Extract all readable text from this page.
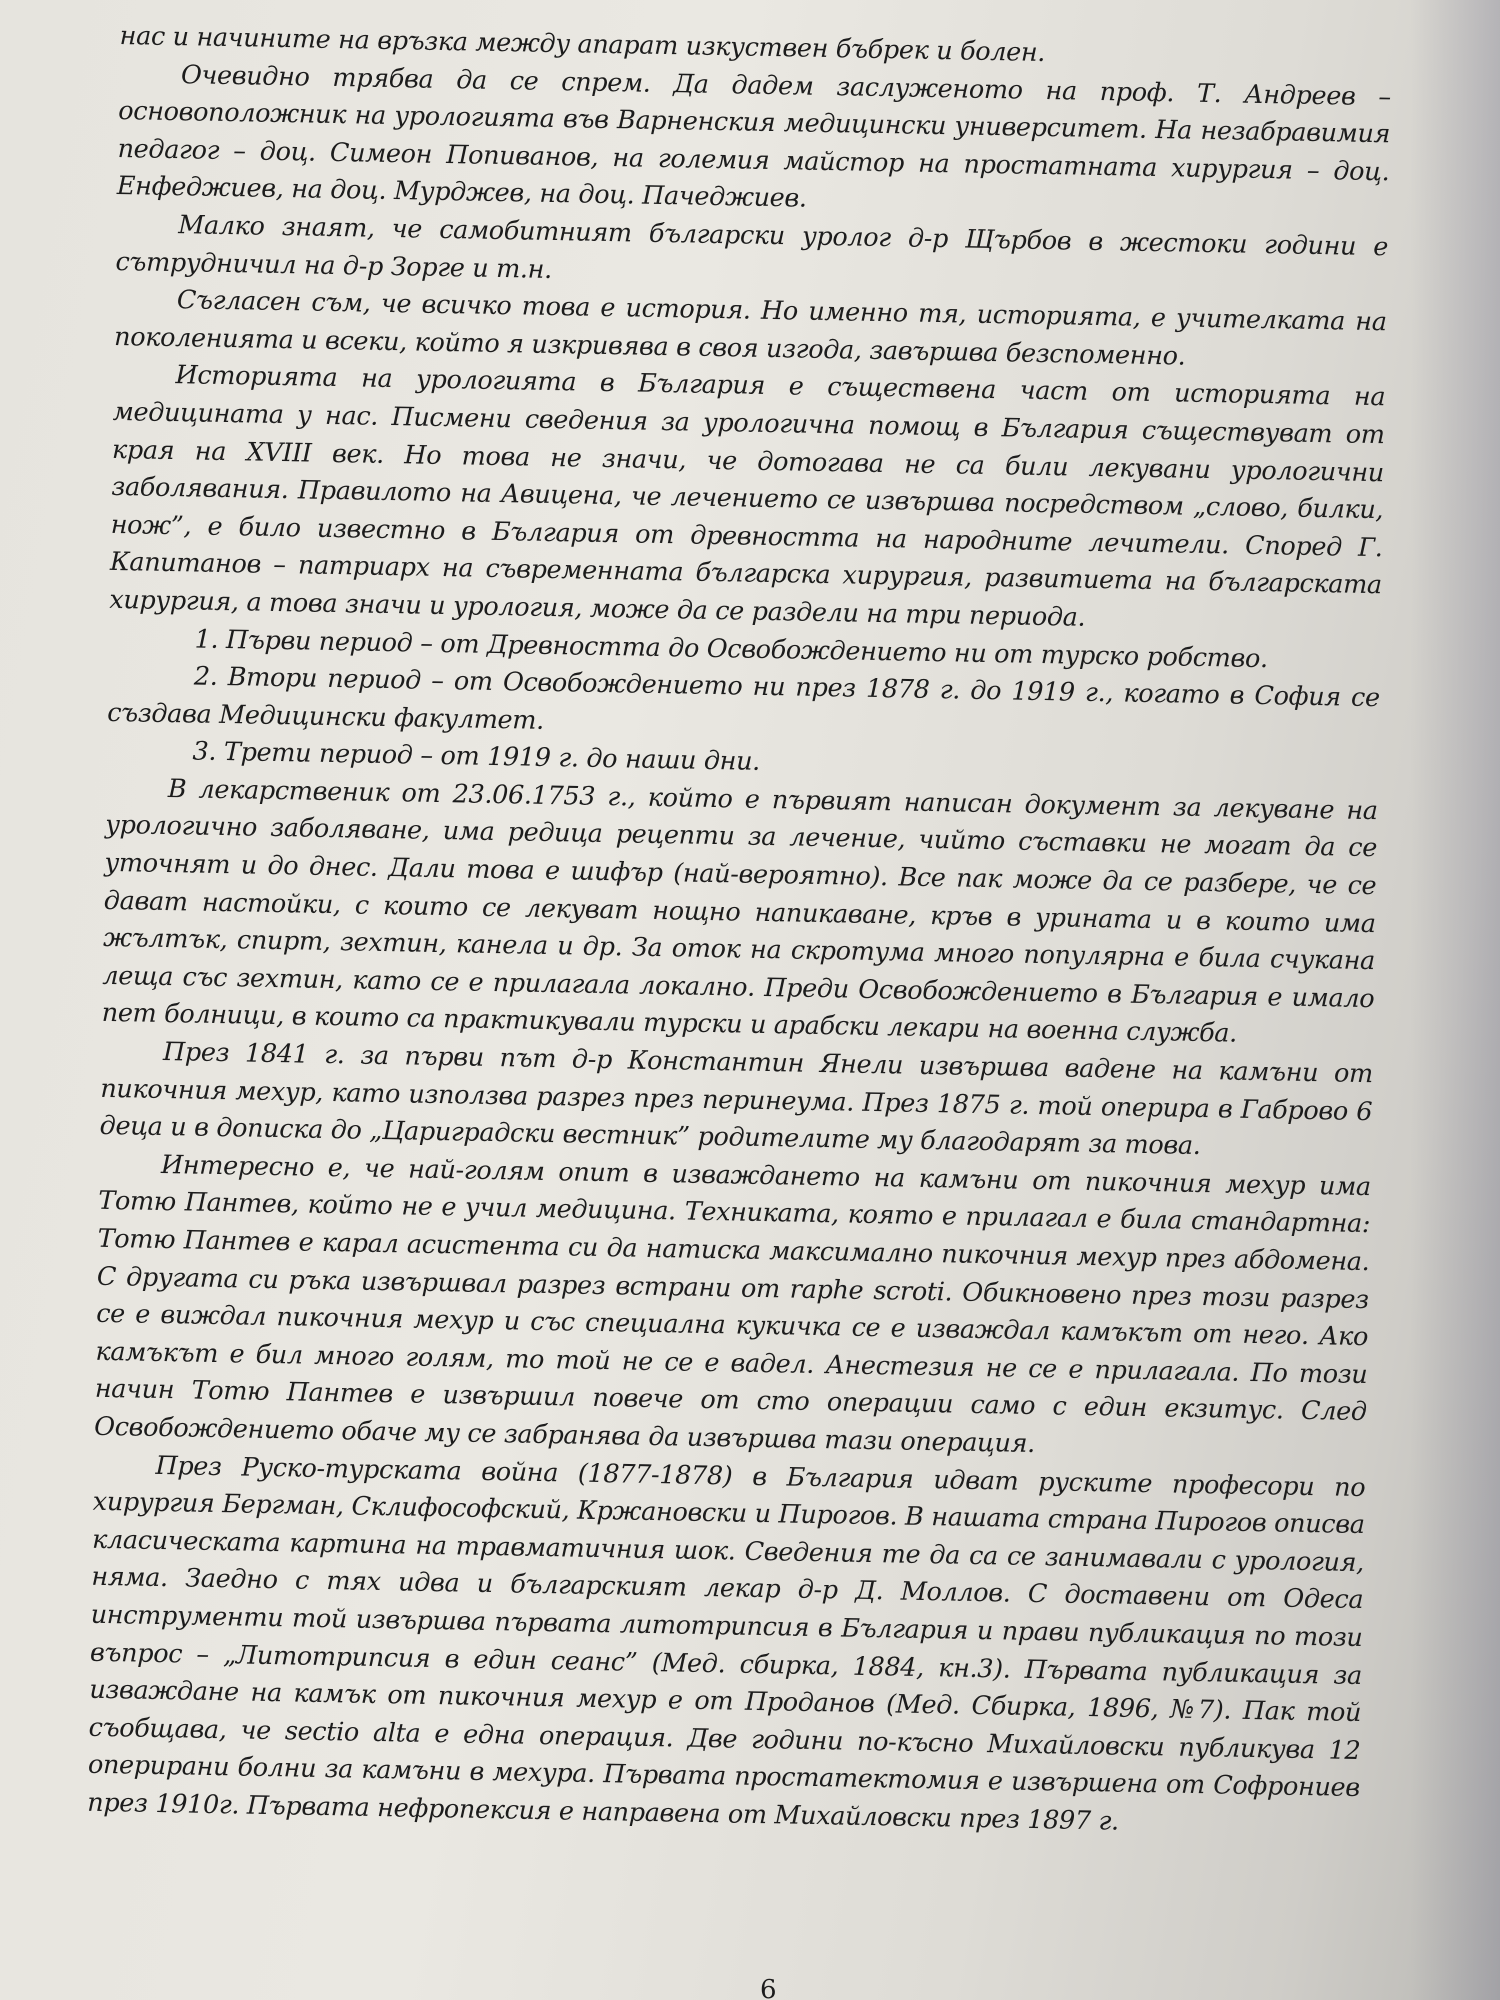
нас и начините на връзка между апарат изкуствен бъбрек и болен.

Очевидно трябва да се спрем. Да дадем заслуженото на проф. Т. Андреев – основоположник на урологията във Варненския медицински университет. На незабравимия педагог – доц. Симеон Попиванов, на големия майстор на простатната хирургия – доц. Енфеджиев, на доц. Мурджев, на доц. Пачеджиев.

Малко знаят, че самобитният български уролог д-р Щърбов в жестоки години е сътрудничил на д-р Зорге и т.н.

Съгласен съм, че всичко това е история. Но именно тя, историята, е учителката на поколенията и всеки, който я изкривява в своя изгода, завършва безспоменно.

Историята на урологията в България е съществена част от историята на медицината у нас. Писмени сведения за урологична помощ в България съществуват от края на XVIII век. Но това не значи, че дотогава не са били лекувани урологични заболявания. Правилото на Авицена, че лечението се извършва посредством „слово, билки, нож”, е било известно в България от древността на народните лечители. Според Г. Капитанов – патриарх на съвременната българска хирургия, развитиета на българската хирургия, а това значи и урология, може да се раздели на три периода.

1. Първи период – от Древността до Освобождението ни от турско робство.

2. Втори период – от Освобождението ни през 1878 г. до 1919 г., когато в София се създава Медицински факултет.

3. Трети период – от 1919 г. до наши дни.

В лекарственик от 23.06.1753 г., който е първият написан документ за лекуване на урологично заболяване, има редица рецепти за лечение, чийто съставки не могат да се уточнят и до днес. Дали това е шифър (най-вероятно). Все пак може да се разбере, че се дават настойки, с които се лекуват нощно напикаване, кръв в урината и в които има жълтък, спирт, зехтин, канела и др. За оток на скротума много популярна е била счукана леща със зехтин, като се е прилагала локално. Преди Освобождението в България е имало пет болници, в които са практикували турски и арабски лекари на военна служба.

През 1841 г. за първи път д-р Константин Янели извършва вадене на камъни от пикочния мехур, като използва разрез през перинеума. През 1875 г. той оперира в Габрово 6 деца и в дописка до „Цариградски вестник” родителите му благодарят за това.

Интересно е, че най-голям опит в изваждането на камъни от пикочния мехур има Тотю Пантев, който не е учил медицина. Техниката, която е прилагал е била стандартна: Тотю Пантев е карал асистента си да натиска максимално пикочния мехур през абдомена. С другата си ръка извършвал разрез встрани от raphe scroti. Обикновено през този разрез се е виждал пикочния мехур и със специална кукичка се е изваждал камъкът от него. Ако камъкът е бил много голям, то той не се е вадел. Анестезия не се е прилагала. По този начин Тотю Пантев е извършил повече от сто операции само с един екзитус. След Освобождението обаче му се забранява да извършва тази операция.

През Руско-турската война (1877-1878) в България идват руските професори по хирургия Бергман, Склифософский, Кржановски и Пирогов. В нашата страна Пирогов описва класическата картина на травматичния шок. Сведения те да са се занимавали с урология, няма. Заедно с тях идва и българският лекар д-р Д. Моллов. С доставени от Одеса инструменти той извършва първата литотрипсия в България и прави публикация по този въпрос – „Литотрипсия в един сеанс” (Мед. сбирка, 1884, кн.3). Първата публикация за изваждане на камък от пикочния мехур е от Проданов (Мед. Сбирка, 1896, №7). Пак той съобщава, че sectio alta е една операция. Две години по-късно Михайловски публикува 12 оперирани болни за камъни в мехура. Първата простатектомия е извършена от Софрониев през 1910г. Първата нефропексия е направена от Михайловски през 1897 г.

6
